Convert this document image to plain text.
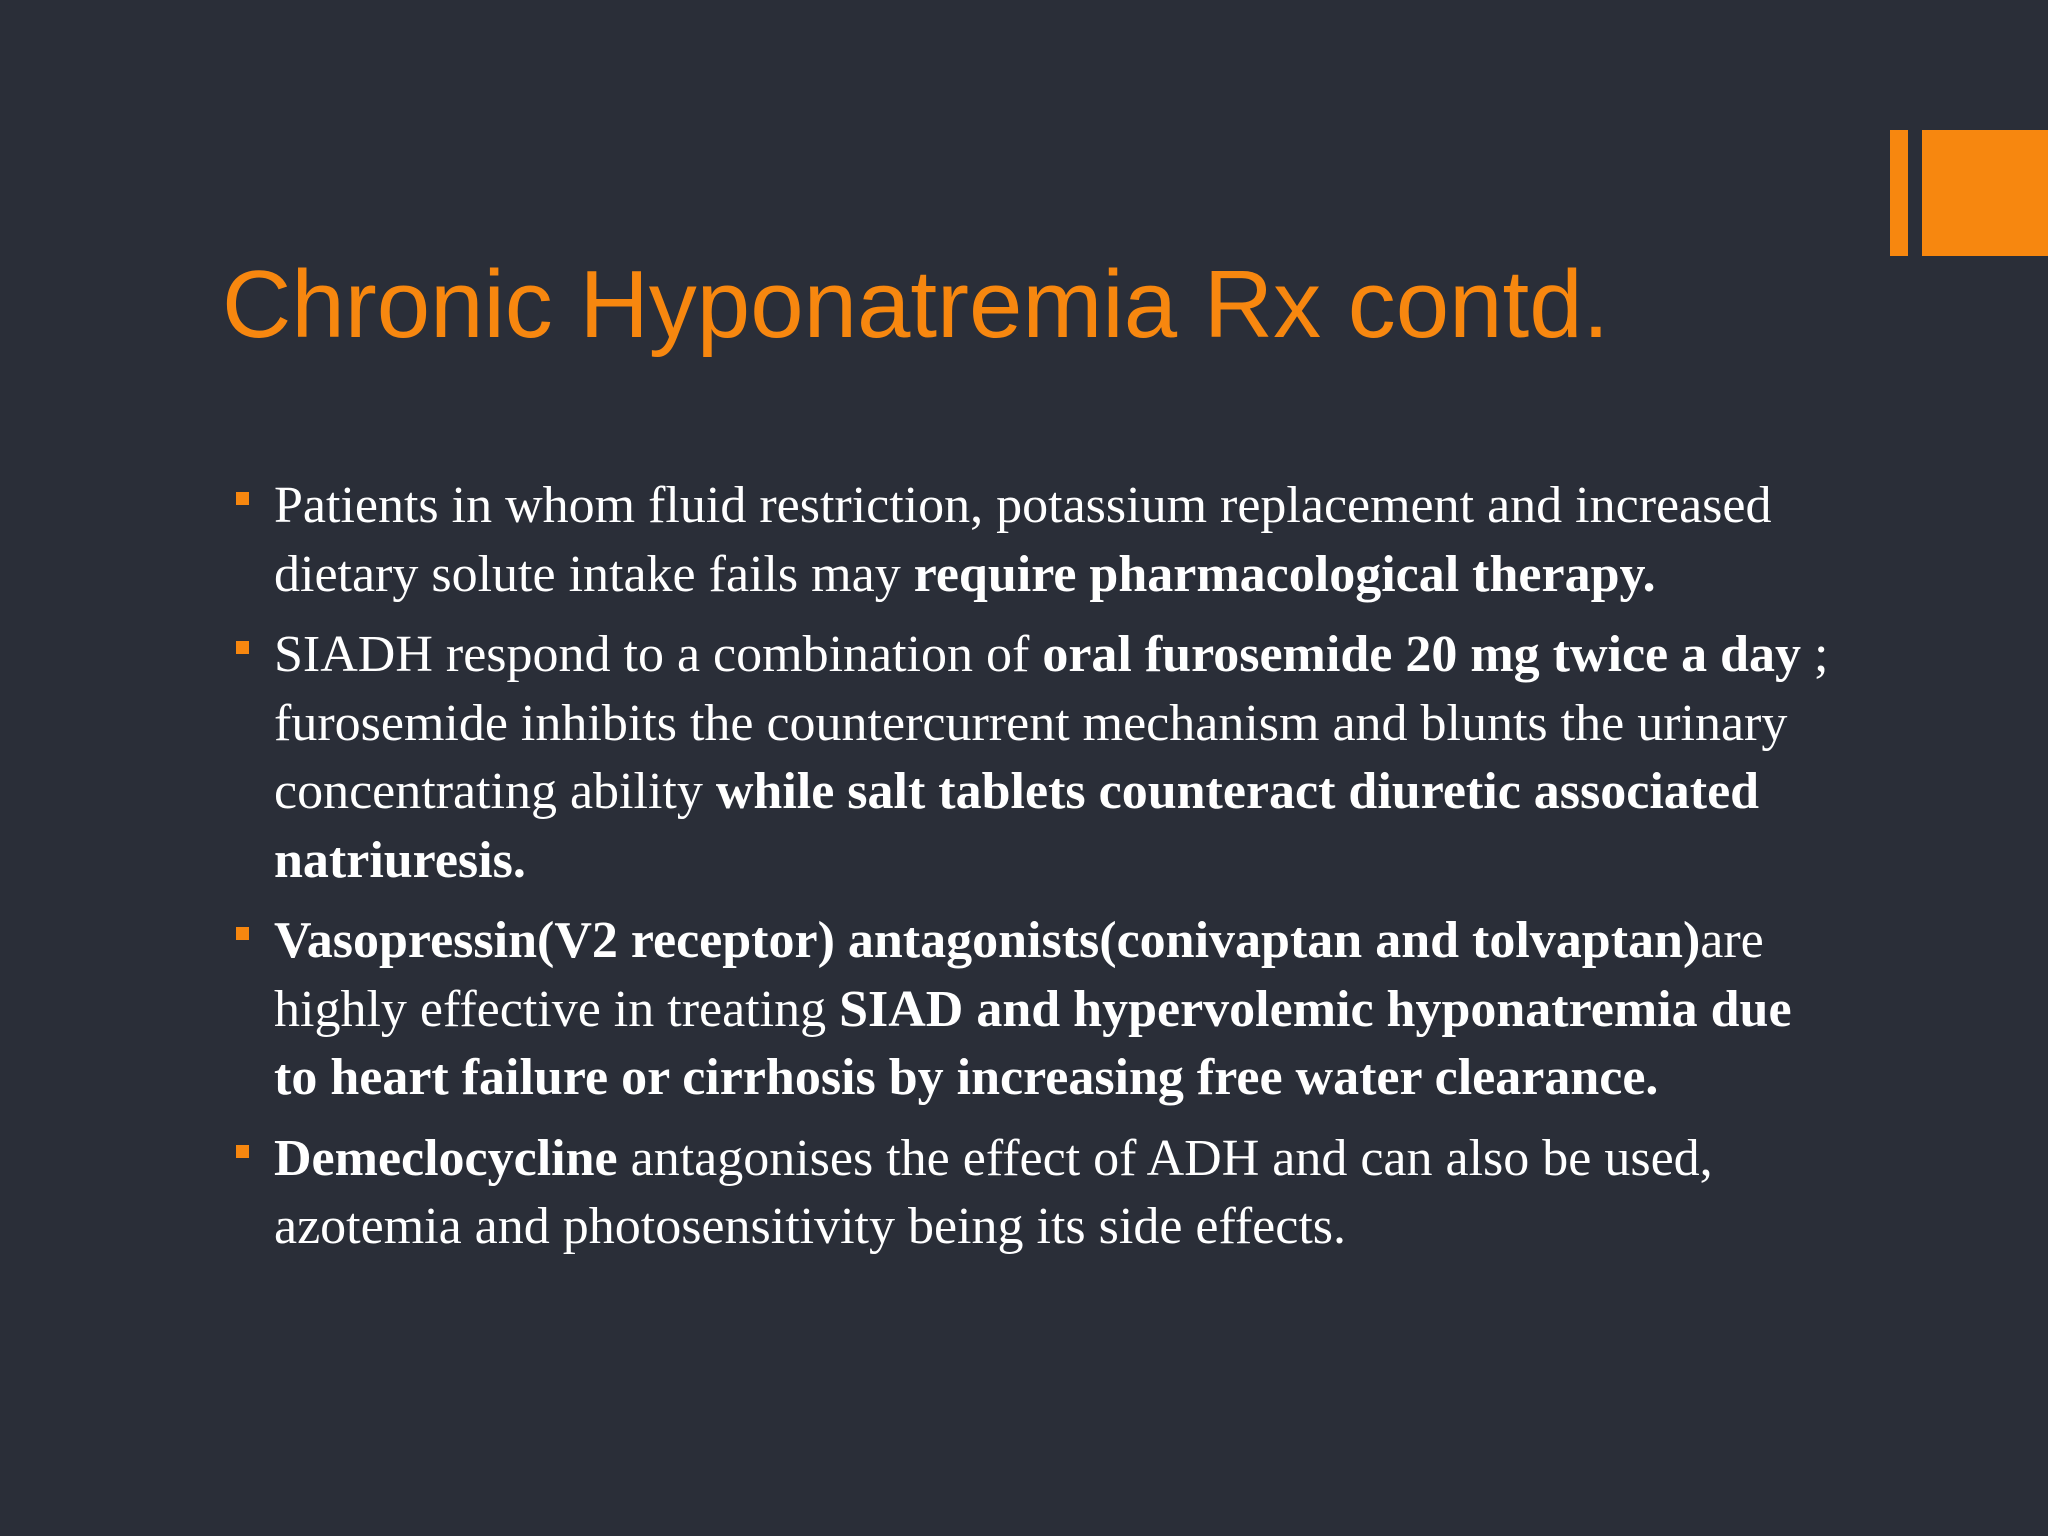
Chronic Hyponatremia Rx contd.
Patients in whom fluid restriction, potassium replacement and increased dietary solute intake fails may require pharmacological therapy.
SIADH respond to a combination of oral furosemide 20 mg twice a day ; furosemide inhibits the countercurrent mechanism and blunts the urinary concentrating ability while salt tablets counteract diuretic associated natriuresis.
Vasopressin(V2 receptor) antagonists(conivaptan and tolvaptan)are highly effective in treating SIAD and hypervolemic hyponatremia due to heart failure or cirrhosis by increasing free water clearance.
Demeclocycline antagonises the effect of ADH and can also be used, azotemia and photosensitivity being its side effects.
